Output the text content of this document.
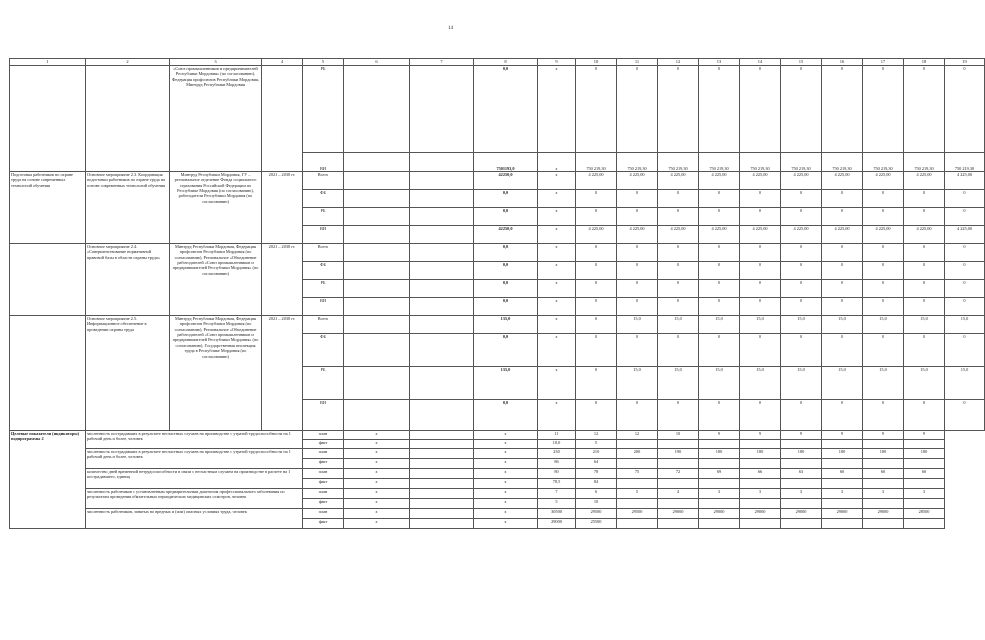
14
1	2	3	4	5	6	7	8	9	10	11	12	13	14	15	16	17	18	19
		«Союз промышленников и предпринимателей Республики Мордовия» (по согласованию), Федерация профсоюзов Республики Мордовия, Минтруд Республики Мордовия		РБ			0,0	х	0	0	0	0	0	0	0	0	0	0
				ВИ			7501193,0	х	750 219,30	750 219,30	750 219,30	750 219,30	750 219,30	750 219,30	750 219,30	750 219,30	750 219,30	750 219,30
Подготовка работников по охране труда на основе современных технологий обучения	Основное мероприятие 2.3. Координация подготовки работников по охране труда на основе современных технологий обучения	Минтруд Республики Мордовия, ГУ – региональное отделение Фонда социального страхования Российской Федерации по Республике Мордовия (по согласованию), работодатели Республики Мордовия (по согласованию)	2021 – 2030 гг.	Всего			42250,0	х	4 225,00	4 225,00	4 225,00	4 225,00	4 225,00	4 225,00	4 225,00	4 225,00	4 225,00	4 225,00
				ФБ			0,0	х	0	0	0	0	0	0	0	0	0	0
				РБ			0,0	х	0	0	0	0	0	0	0	0	0	0
				ВИ			42250,0	х	4 225,00	4 225,00	4 225,00	4 225,00	4 225,00	4 225,00	4 225,00	4 225,00	4 225,00	4 225,00
	Основное мероприятие 2.4. «Совершенствование нормативной правовой базы в области охраны труда»	Минтруд Республики Мордовия, Федерация профсоюзов Республики Мордовия (по согласованию), Региональное «Объединение работодателей «Союз промышленников и предпринимателей Республики Мордовия» (по согласованию)	2021 – 2030 гг.	Всего			0,0	х	0	0	0	0	0	0	0	0	0	0
				ФБ			0,0	х	0	0	0	0	0	0	0	0	0	0
				РБ			0,0	х	0	0	0	0	0	0	0	0	0	0
				ВИ			0,0	х	0	0	0	0	0	0	0	0	0	0
	Основное мероприятие 2.5. Информационное обеспечение в проведении охраны труда	Минтруд Республики Мордовия, Федерация профсоюзов Республики Мордовия (по согласованию), Региональное «Объединение работодателей «Союз промышленников и предпринимателей Республики Мордовия» (по согласованию), Государственная инспекция труда в Республике Мордовия (по согласованию)	2021 – 2030 гг.	Всего			135,0	х	0	15,0	15,0	15,0	15,0	15,0	15,0	15,0	15,0	15,0
				ФБ			0,0	х	0	0	0	0	0	0	0	0	0	0
				РБ			135,0	х	0	15,0	15,0	15,0	15,0	15,0	15,0	15,0	15,0	15,0
				ВИ			0,0	х	0	0	0	0	0	0	0	0	0	0
Целевые показатели (индикаторы) подпрограммы 2	численность пострадавших в результате несчастных случаев на производстве с утратой трудоспособности на 1 рабочий день и более, человек			план	х		х	11	12	12	10	9	9	9	9	9	9	
				факт	х		х	10,0	5									
	численность пострадавших в результате несчастных случаев на производстве с утратой трудоспособности на 1 рабочий день и более, человек			план	х		х	230	210	200	190	180	180	180	180	180	180	
				факт	х		х	86	64									
	количество дней временной нетрудоспособности в связи с несчастным случаем на производстве в расчете на 1 пострадавшего, единиц			план	х		х	80	78	75	72	69	66	63	60	60	60	
				факт	х		х	78,5	84									
	численность работников с установленным предварительным диагнозом профессионального заболевания по результатам проведения обязательных периодических медицинских осмотров, человек			план	х		х	7	6	5	4	3	3	3	3	3	3	
				факт	х		х	5	10									
	численность работников, занятых во вредных и (или) опасных условиях труда, человек			план	х		х	30500	29500	29500	29000	29000	29000	29000	29000	29000	28500	
				факт	х		х	29000	25500									
